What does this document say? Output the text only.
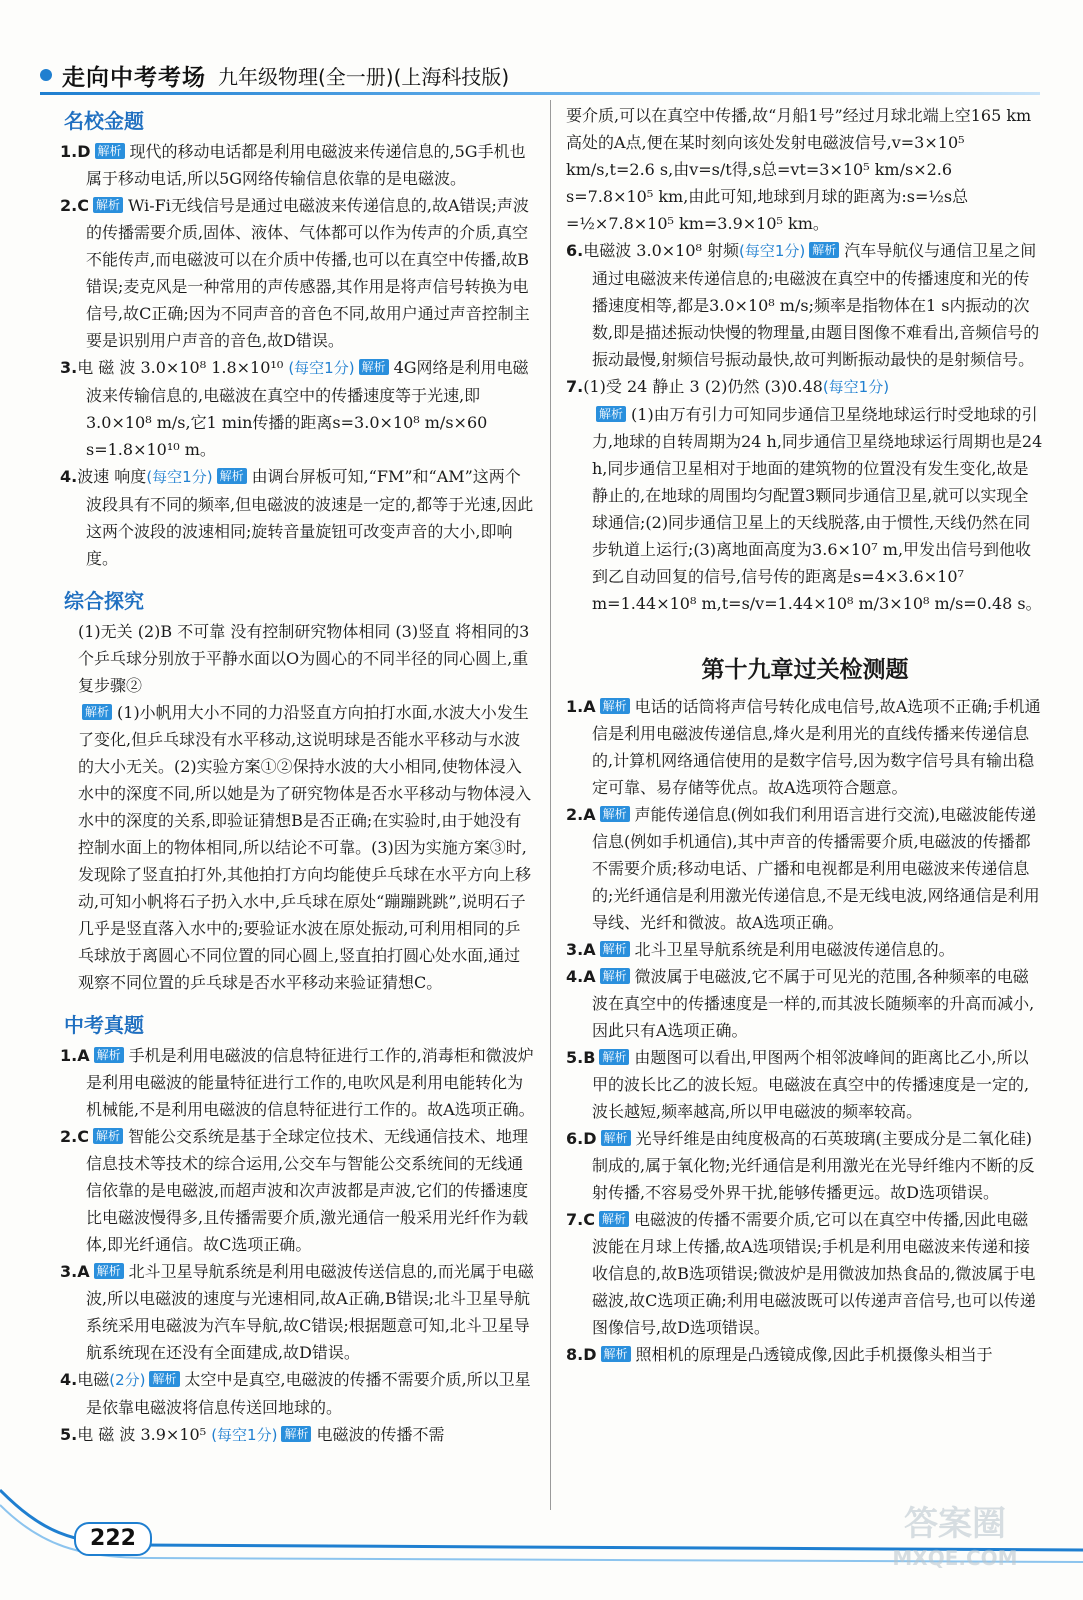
走向中考考场 九年级物理(全一册)(上海科技版)
名校金题

1.D 解析 现代的移动电话都是利用电磁波来传递信息的,5G手机也属于移动电话,所以5G网络传输信息依靠的是电磁波。

2.C 解析 Wi-Fi无线信号是通过电磁波来传递信息的,故A错误;声波的传播需要介质,固体、液体、气体都可以作为传声的介质,真空不能传声,而电磁波可以在介质中传播,也可以在真空中传播,故B错误;麦克风是一种常用的声传感器,其作用是将声信号转换为电信号,故C正确;因为不同声音的音色不同,故用户通过声音控制主要是识别用户声音的音色,故D错误。

3.电 磁 波 3.0×10⁸ 1.8×10¹⁰ (每空1分) 解析 4G网络是利用电磁波来传输信息的,电磁波在真空中的传播速度等于光速,即3.0×10⁸ m/s,它1 min传播的距离s=3.0×10⁸ m/s×60 s=1.8×10¹⁰ m。

4.波速 响度(每空1分) 解析 由调台屏板可知,“FM”和“AM”这两个波段具有不同的频率,但电磁波的波速是一定的,都等于光速,因此这两个波段的波速相同;旋转音量旋钮可改变声音的大小,即响度。

综合探究

(1)无关 (2)B 不可靠 没有控制研究物体相同 (3)竖直 将相同的3个乒乓球分别放于平静水面以O为圆心的不同半径的同心圆上,重复步骤②

解析 (1)小帆用大小不同的力沿竖直方向拍打水面,水波大小发生了变化,但乒乓球没有水平移动,这说明球是否能水平移动与水波的大小无关。(2)实验方案①②保持水波的大小相同,使物体浸入水中的深度不同,所以她是为了研究物体是否水平移动与物体浸入水中的深度的关系,即验证猜想B是否正确;在实验时,由于她没有控制水面上的物体相同,所以结论不可靠。(3)因为实施方案③时,发现除了竖直拍打外,其他拍打方向均能使乒乓球在水平方向上移动,可知小帆将石子扔入水中,乒乓球在原处“蹦蹦跳跳”,说明石子几乎是竖直落入水中的;要验证水波在原处振动,可利用相同的乒乓球放于离圆心不同位置的同心圆上,竖直拍打圆心处水面,通过观察不同位置的乒乓球是否水平移动来验证猜想C。

中考真题

1.A 解析 手机是利用电磁波的信息特征进行工作的,消毒柜和微波炉是利用电磁波的能量特征进行工作的,电吹风是利用电能转化为机械能,不是利用电磁波的信息特征进行工作的。故A选项正确。

2.C 解析 智能公交系统是基于全球定位技术、无线通信技术、地理信息技术等技术的综合运用,公交车与智能公交系统间的无线通信依靠的是电磁波,而超声波和次声波都是声波,它们的传播速度比电磁波慢得多,且传播需要介质,激光通信一般采用光纤作为载体,即光纤通信。故C选项正确。

3.A 解析 北斗卫星导航系统是利用电磁波传送信息的,而光属于电磁波,所以电磁波的速度与光速相同,故A正确,B错误;北斗卫星导航系统采用电磁波为汽车导航,故C错误;根据题意可知,北斗卫星导航系统现在还没有全面建成,故D错误。

4.电磁(2分) 解析 太空中是真空,电磁波的传播不需要介质,所以卫星是依靠电磁波将信息传送回地球的。

5.电 磁 波 3.9×10⁵ (每空1分) 解析 电磁波的传播不需

要介质,可以在真空中传播,故“月船1号”经过月球北端上空165 km高处的A点,便在某时刻向该处发射电磁波信号,v=3×10⁵ km/s,t=2.6 s,由v=s/t得,s总=vt=3×10⁵ km/s×2.6 s=7.8×10⁵ km,由此可知,地球到月球的距离为:s=½s总=½×7.8×10⁵ km=3.9×10⁵ km。

6.电磁波 3.0×10⁸ 射频(每空1分) 解析 汽车导航仪与通信卫星之间通过电磁波来传递信息的;电磁波在真空中的传播速度和光的传播速度相等,都是3.0×10⁸ m/s;频率是指物体在1 s内振动的次数,即是描述振动快慢的物理量,由题目图像不难看出,音频信号的振动最慢,射频信号振动最快,故可判断振动最快的是射频信号。

7.(1)受 24 静止 3 (2)仍然 (3)0.48(每空1分)
解析 (1)由万有引力可知同步通信卫星绕地球运行时受地球的引力,地球的自转周期为24 h,同步通信卫星绕地球运行周期也是24 h,同步通信卫星相对于地面的建筑物的位置没有发生变化,故是静止的,在地球的周围均匀配置3颗同步通信卫星,就可以实现全球通信;(2)同步通信卫星上的天线脱落,由于惯性,天线仍然在同步轨道上运行;(3)离地面高度为3.6×10⁷ m,甲发出信号到他收到乙自动回复的信号,信号传的距离是s=4×3.6×10⁷ m=1.44×10⁸ m,t=s/v=1.44×10⁸ m/3×10⁸ m/s=0.48 s。

第十九章过关检测题

1.A 解析 电话的话筒将声信号转化成电信号,故A选项不正确;手机通信是利用电磁波传递信息,烽火是利用光的直线传播来传递信息的,计算机网络通信使用的是数字信号,因为数字信号具有输出稳定可靠、易存储等优点。故A选项符合题意。

2.A 解析 声能传递信息(例如我们利用语言进行交流),电磁波能传递信息(例如手机通信),其中声音的传播需要介质,电磁波的传播都不需要介质;移动电话、广播和电视都是利用电磁波来传递信息的;光纤通信是利用激光传递信息,不是无线电波,网络通信是利用导线、光纤和微波。故A选项正确。

3.A 解析 北斗卫星导航系统是利用电磁波传递信息的。

4.A 解析 微波属于电磁波,它不属于可见光的范围,各种频率的电磁波在真空中的传播速度是一样的,而其波长随频率的升高而减小,因此只有A选项正确。

5.B 解析 由题图可以看出,甲图两个相邻波峰间的距离比乙小,所以甲的波长比乙的波长短。电磁波在真空中的传播速度是一定的,波长越短,频率越高,所以甲电磁波的频率较高。

6.D 解析 光导纤维是由纯度极高的石英玻璃(主要成分是二氧化硅)制成的,属于氧化物;光纤通信是利用激光在光导纤维内不断的反射传播,不容易受外界干扰,能够传播更远。故D选项错误。

7.C 解析 电磁波的传播不需要介质,它可以在真空中传播,因此电磁波能在月球上传播,故A选项错误;手机是利用电磁波来传递和接收信息的,故B选项错误;微波炉是用微波加热食品的,微波属于电磁波,故C选项正确;利用电磁波既可以传递声音信号,也可以传递图像信号,故D选项错误。

8.D 解析 照相机的原理是凸透镜成像,因此手机摄像头相当于

222	答案圈
MXQE.COM
